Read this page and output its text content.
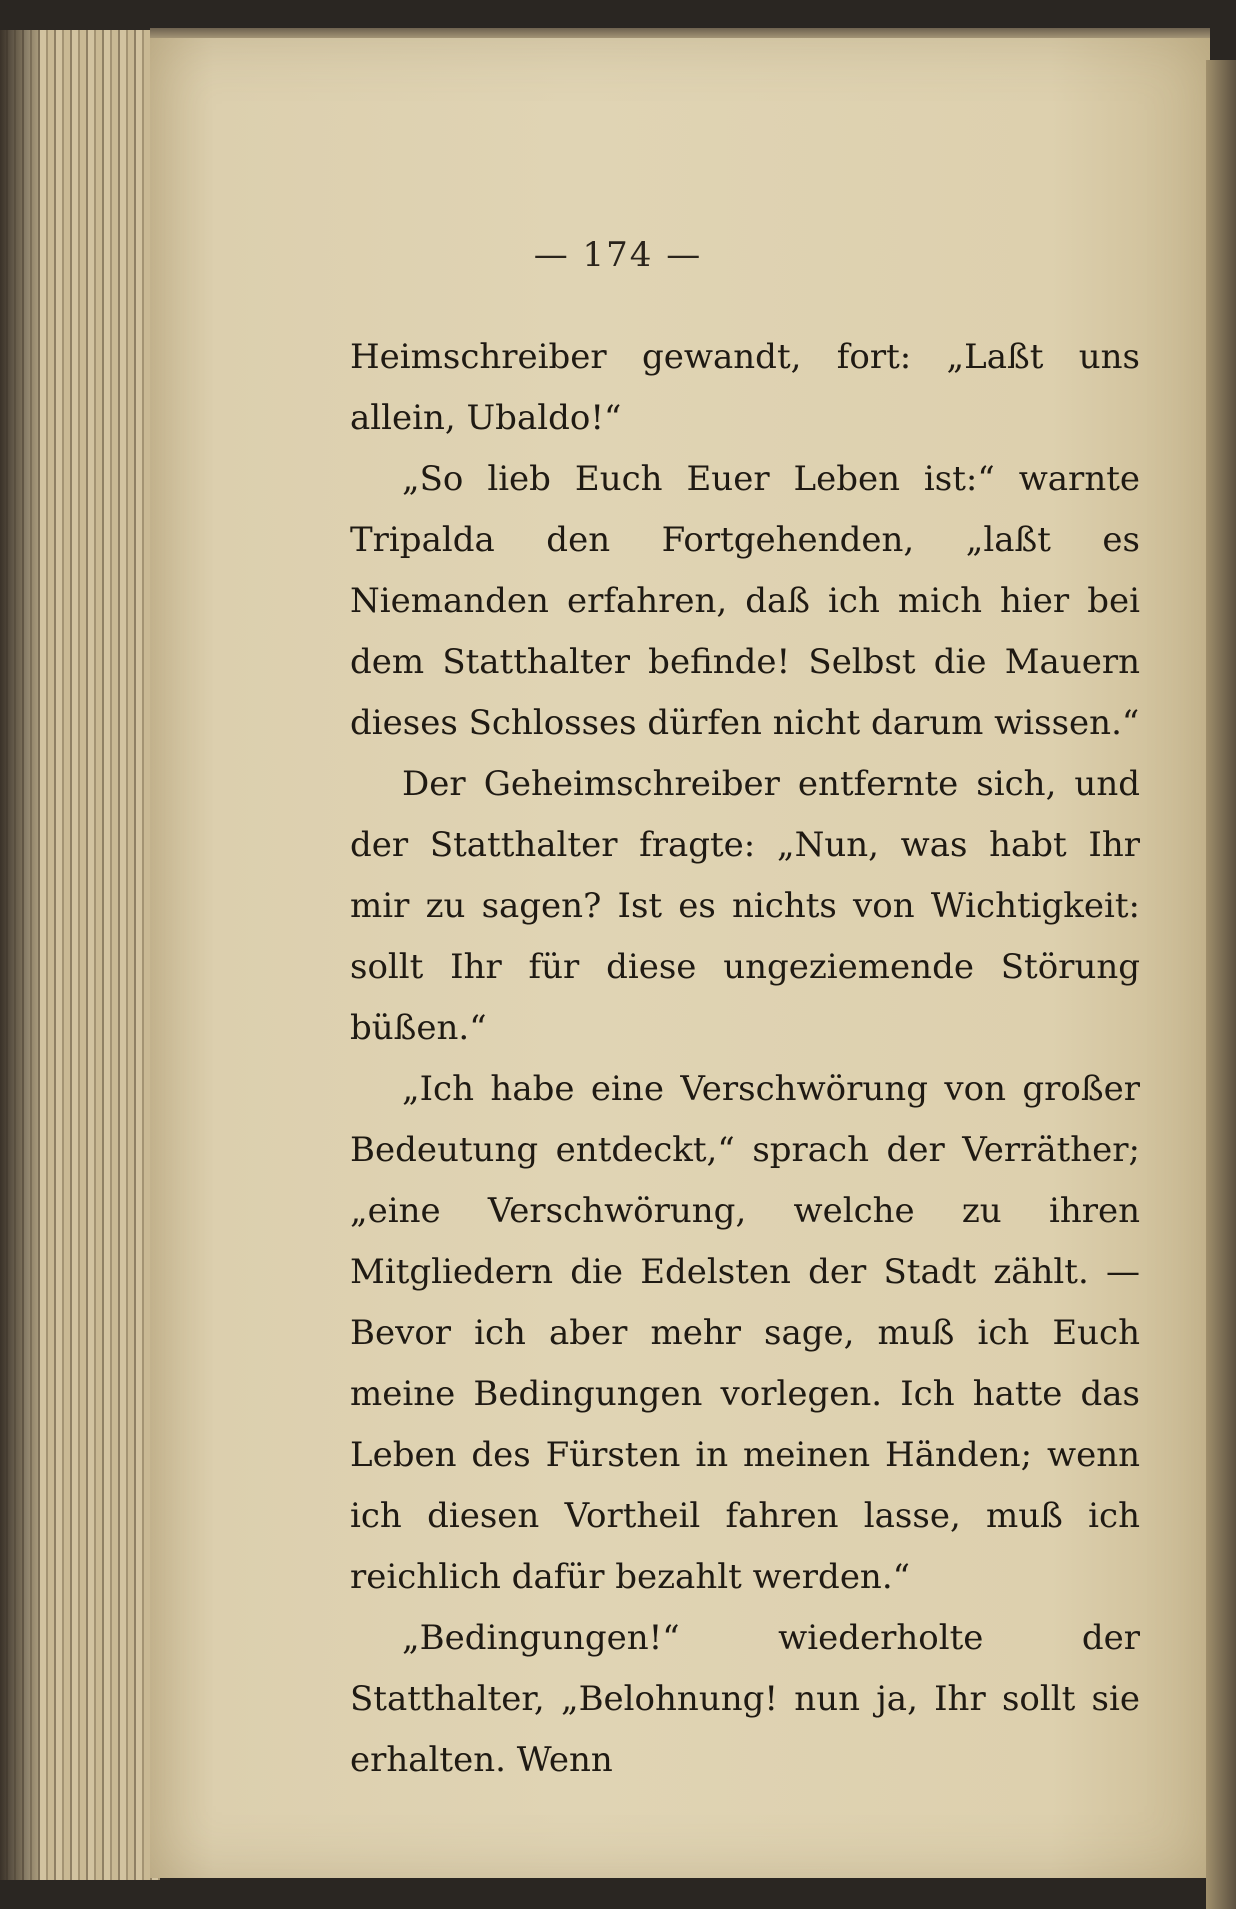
— 174 —

Heimschreiber gewandt, fort: „Laßt uns allein, Ubaldo!“

„So lieb Euch Euer Leben ist:“ warnte Tripalda den Fortgehenden, „laßt es Niemanden erfahren, daß ich mich hier bei dem Statthalter befinde! Selbst die Mauern dieses Schlosses dürfen nicht darum wissen.“

Der Geheimschreiber entfernte sich, und der Statthalter fragte: „Nun, was habt Ihr mir zu sagen? Ist es nichts von Wichtigkeit: sollt Ihr für diese ungeziemende Störung büßen.“

„Ich habe eine Verschwörung von großer Bedeutung entdeckt,“ sprach der Verräther; „eine Verschwörung, welche zu ihren Mitgliedern die Edelsten der Stadt zählt. — Bevor ich aber mehr sage, muß ich Euch meine Bedingungen vorlegen. Ich hatte das Leben des Fürsten in meinen Händen; wenn ich diesen Vortheil fahren lasse, muß ich reichlich dafür bezahlt werden.“

„Bedingungen!“ wiederholte der Statthalter, „Belohnung! nun ja, Ihr sollt sie erhalten. Wenn
